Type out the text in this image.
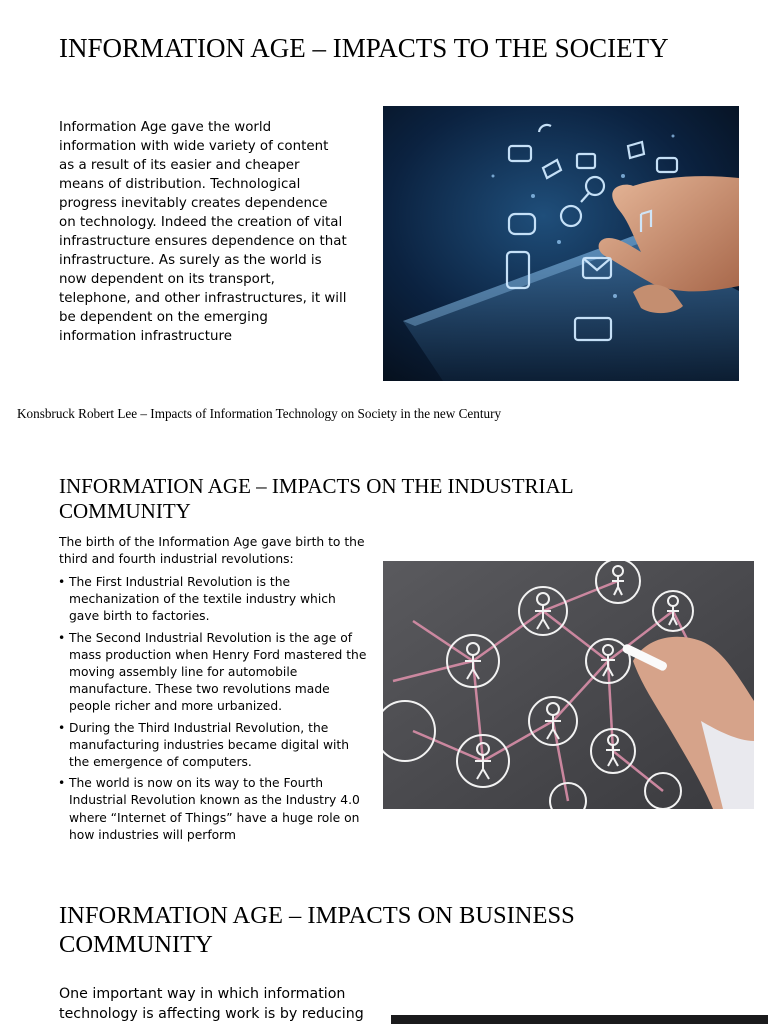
INFORMATION AGE – IMPACTS TO THE SOCIETY

Information Age gave the world information with wide variety of content as a result of its easier and cheaper means of distribution. Technological progress inevitably creates dependence on technology. Indeed the creation of vital infrastructure ensures dependence on that infrastructure. As surely as the world is now dependent on its transport, telephone, and other infrastructures, it will be dependent on the emerging information infrastructure

Konsbruck Robert Lee – Impacts of Information Technology on Society in the new Century

INFORMATION AGE – IMPACTS ON THE INDUSTRIAL COMMUNITY

The birth of the Information Age gave birth to the third and fourth industrial revolutions:

• The First Industrial Revolution is the mechanization of the textile industry which gave birth to factories.
• The Second Industrial Revolution is the age of mass production when Henry Ford mastered the moving assembly line for automobile manufacture. These two revolutions made people richer and more urbanized.
• During the Third Industrial Revolution, the manufacturing industries became digital with the emergence of computers.
• The world is now on its way to the Fourth Industrial Revolution known as the Industry 4.0 where “Internet of Things” have a huge role on how industries will perform
INFORMATION AGE – IMPACTS ON BUSINESS COMMUNITY

One important way in which information technology is affecting work is by reducing
